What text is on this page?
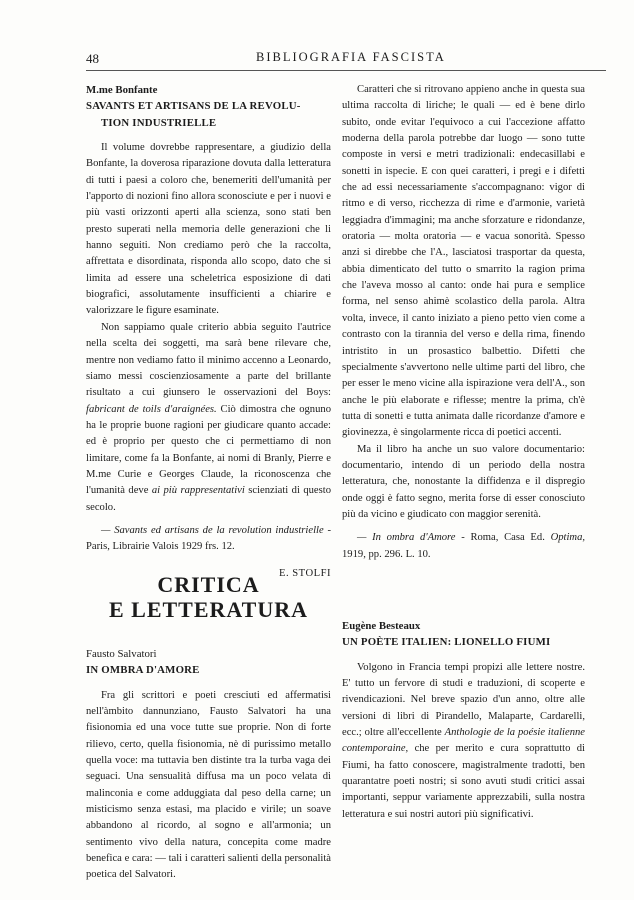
48	BIBLIOGRAFIA FASCISTA
M.me Bonfante
SAVANTS ET ARTISANS DE LA REVOLU-
TION INDUSTRIELLE

Il volume dovrebbe rappresentare, a giudizio della Bonfante, la doverosa riparazione dovuta dalla letteratura di tutti i paesi a coloro che, benemeriti dell'umanità per l'apporto di nozioni fino allora sconosciute e per i nuovi e più vasti orizzonti aperti alla scienza, sono stati ben presto superati nella memoria delle generazioni che li hanno seguiti. Non crediamo però che la raccolta, affrettata e disordinata, risponda allo scopo, dato che si limita ad essere una scheletrica esposizione di dati biografici, assolutamente insufficienti a chiarire e valorizzare le figure esaminate.

Non sappiamo quale criterio abbia seguito l'autrice nella scelta dei soggetti, ma sarà bene rilevare che, mentre non vediamo fatto il minimo accenno a Leonardo, siamo messi coscienziosamente a parte del brillante risultato a cui giunsero le osservazioni del Boys: fabricant de toils d'araignées. Ciò dimostra che ognuno ha le proprie buone ragioni per giudicare quanto accade: ed è proprio per questo che ci permettiamo di non limitare, come fa la Bonfante, ai nomi di Branly, Pierre e M.me Curie e Georges Claude, la riconoscenza che l'umanità deve ai più rappresentativi scienziati di questo secolo.

— Savants ed artisans de la revolution industrielle - Paris, Librairie Valois 1929 frs. 12.

E. STOLFI

CRITICA
E LETTERATURA
Fausto Salvatori
IN OMBRA D'AMORE

Fra gli scrittori e poeti cresciuti ed affermatisi nell'àmbito dannunziano, Fausto Salvatori ha una fisionomia ed una voce tutte sue proprie. Non di forte rilievo, certo, quella fisionomia, nè di purissimo metallo quella voce: ma tuttavia ben distinte tra la turba vaga dei seguaci. Una sensualità diffusa ma un poco velata di malinconia e come adduggiata dal peso della carne; un misticismo senza estasi, ma placido e virile; un soave abbandono al ricordo, al sogno e all'armonia; un sentimento vivo della natura, concepita come madre benefica e cara: — tali i caratteri salienti della personalità poetica del Salvatori.

Caratteri che si ritrovano appieno anche in questa sua ultima raccolta di liriche; le quali — ed è bene dirlo subito, onde evitar l'equivoco a cui l'accezione affatto moderna della parola potrebbe dar luogo — sono tutte composte in versi e metri tradizionali: endecasillabi e sonetti in ispecie. E con quei caratteri, i pregi e i difetti che ad essi necessariamente s'accompagnano: vigor di ritmo e di verso, ricchezza di rime e d'armonie, varietà leggiadra d'immagini; ma anche sforzature e ridondanze, oratoria — molta oratoria — e vacua sonorità. Spesso anzi si direbbe che l'A., lasciatosi trasportar da questa, abbia dimenticato del tutto o smarrito la ragion prima che l'aveva mosso al canto: onde hai pura e semplice forma, nel senso ahimè scolastico della parola. Altra volta, invece, il canto iniziato a pieno petto vien come a contrasto con la tirannia del verso e della rima, finendo intristito in un prosastico balbettio. Difetti che specialmente s'avvertono nelle ultime parti del libro, che per esser le meno vicine alla ispirazione vera dell'A., son anche le più elaborate e riflesse; mentre la prima, ch'è tutta di sonetti e tutta animata dalle ricordanze d'amore e giovinezza, è singolarmente ricca di poetici accenti.

Ma il libro ha anche un suo valore documentario: documentario, intendo di un periodo della nostra letteratura, che, nonostante la diffidenza e il dispregio onde oggi è fatto segno, merita forse di esser conosciuto più da vicino e giudicato con maggior serenità.

— In ombra d'Amore - Roma, Casa Ed. Optima, 1919, pp. 296. L. 10.

Eugène Besteaux
UN POÈTE ITALIEN: LIONELLO FIUMI

Volgono in Francia tempi propizi alle lettere nostre. E' tutto un fervore di studi e traduzioni, di scoperte e rivendicazioni. Nel breve spazio d'un anno, oltre alle versioni di libri di Pirandello, Malaparte, Cardarelli, ecc.; oltre all'eccellente Anthologie de la poésie italienne contemporaine, che per merito e cura soprattutto di Fiumi, ha fatto conoscere, magistralmente tradotti, ben quarantatre poeti nostri; si sono avuti studi critici assai importanti, seppur variamente apprezzabili, sulla nostra letteratura e sui nostri autori più significativi.
